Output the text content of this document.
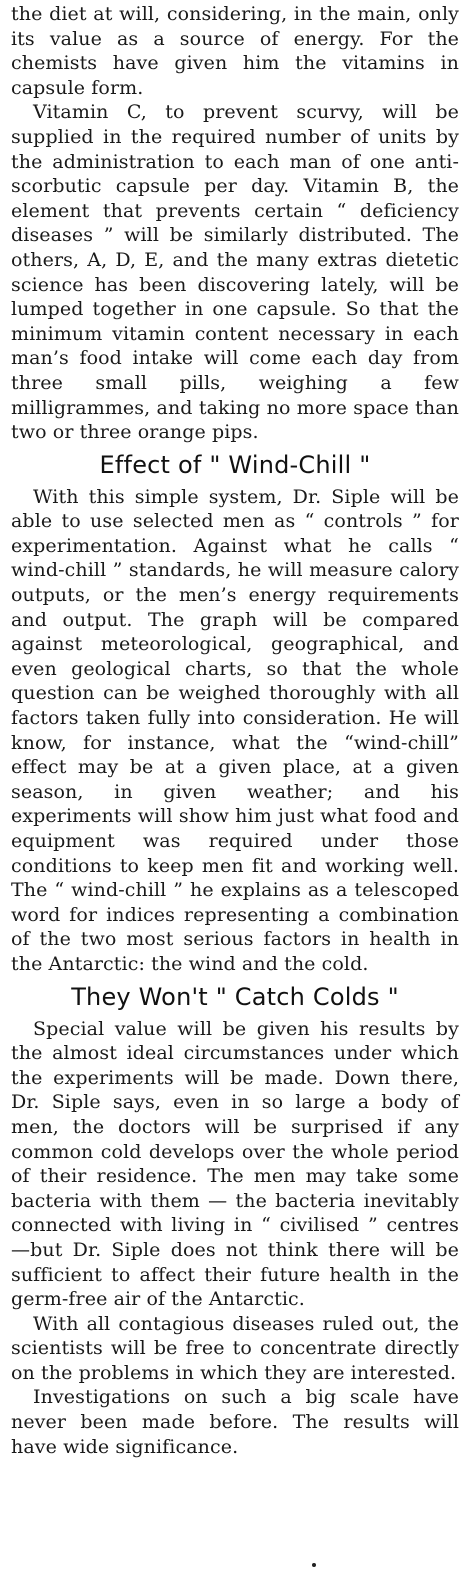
the diet at will, considering, in the main, only its value as a source of energy. For the chemists have given him the vitamins in capsule form.

Vitamin C, to prevent scurvy, will be supplied in the required number of units by the administration to each man of one anti-scorbutic capsule per day. Vitamin B, the element that prevents certain “ deficiency diseases ” will be similarly distributed. The others, A, D, E, and the many extras dietetic science has been discovering lately, will be lumped together in one capsule. So that the minimum vitamin content necessary in each man’s food intake will come each day from three small pills, weighing a few milligrammes, and taking no more space than two or three orange pips.

Effect of " Wind-Chill "

With this simple system, Dr. Siple will be able to use selected men as “ controls ” for experimentation. Against what he calls “ wind-chill ” standards, he will measure calory outputs, or the men’s energy requirements and output. The graph will be compared against meteorological, geographical, and even geological charts, so that the whole question can be weighed thoroughly with all factors taken fully into consideration. He will know, for instance, what the “wind-chill” effect may be at a given place, at a given season, in given weather; and his experiments will show him just what food and equipment was required under those conditions to keep men fit and working well. The “ wind-chill ” he explains as a telescoped word for indices representing a combination of the two most serious factors in health in the Antarctic: the wind and the cold.

They Won't " Catch Colds "

Special value will be given his results by the almost ideal circumstances under which the experiments will be made. Down there, Dr. Siple says, even in so large a body of men, the doctors will be surprised if any common cold develops over the whole period of their residence. The men may take some bacteria with them — the bacteria inevitably connected with living in “ civilised ” centres—but Dr. Siple does not think there will be sufficient to affect their future health in the germ-free air of the Antarctic.

With all contagious diseases ruled out, the scientists will be free to concentrate directly on the problems in which they are interested.

Investigations on such a big scale have never been made before. The results will have wide significance.
